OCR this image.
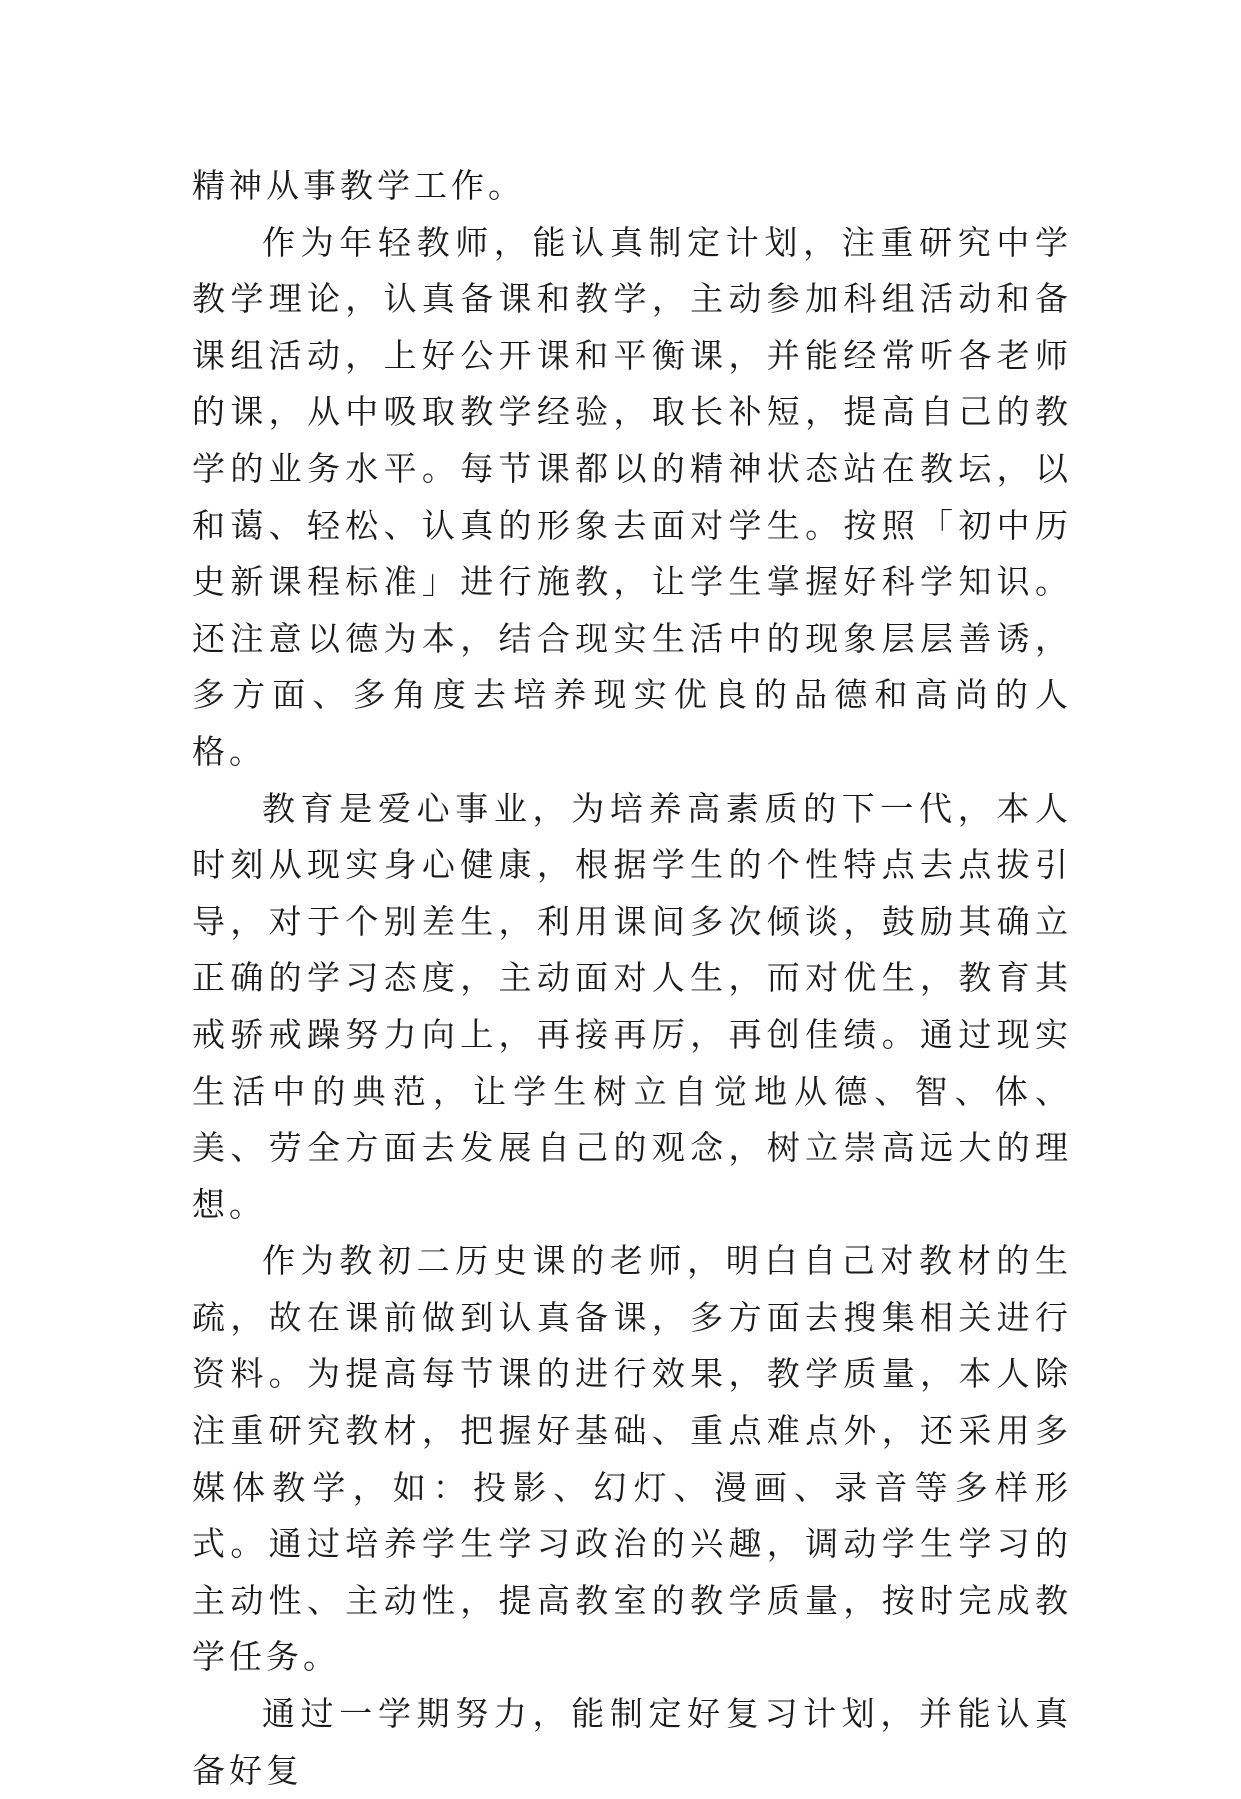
精神从事教学工作。

作为年轻教师，能认真制定计划，注重研究中学教学理论，认真备课和教学，主动参加科组活动和备课组活动，上好公开课和平衡课，并能经常听各老师的课，从中吸取教学经验，取长补短，提高自己的教学的业务水平。每节课都以的精神状态站在教坛，以和蔼、轻松、认真的形象去面对学生。按照「初中历史新课程标准」进行施教，让学生掌握好科学知识。还注意以德为本，结合现实生活中的现象层层善诱，多方面、多角度去培养现实优良的品德和高尚的人格。

教育是爱心事业，为培养高素质的下一代，本人时刻从现实身心健康，根据学生的个性特点去点拔引导，对于个别差生，利用课间多次倾谈，鼓励其确立正确的学习态度，主动面对人生，而对优生，教育其戒骄戒躁努力向上，再接再厉，再创佳绩。通过现实生活中的典范，让学生树立自觉地从德、智、体、美、劳全方面去发展自己的观念，树立崇高远大的理想。

作为教初二历史课的老师，明白自己对教材的生疏，故在课前做到认真备课，多方面去搜集相关进行资料。为提高每节课的进行效果，教学质量，本人除注重研究教材，把握好基础、重点难点外，还采用多媒体教学，如：投影、幻灯、漫画、录音等多样形式。通过培养学生学习政治的兴趣，调动学生学习的主动性、主动性，提高教室的教学质量，按时完成教学任务。

通过一学期努力，能制定好复习计划，并能认真备好复
